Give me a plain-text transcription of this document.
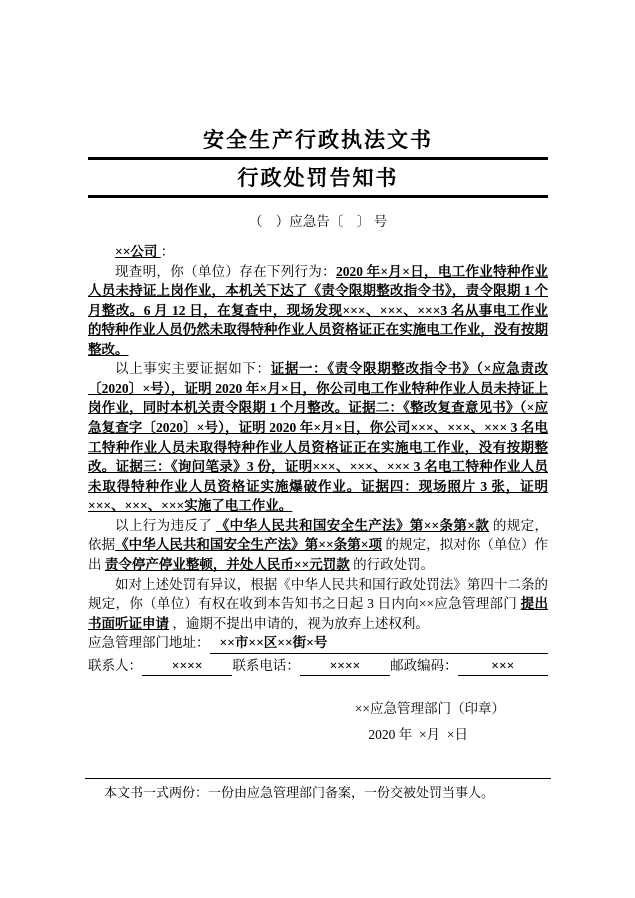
安全生产行政执法文书
行政处罚告知书
（    ）应急告〔    〕 号

××公司 ：

现查明，你（单位）存在下列行为：2020 年×月×日，电工作业特种作业人员未持证上岗作业，本机关下达了《责令限期整改指令书》，责令限期 1 个月整改。6 月 12 日，在复查中，现场发现×××、×××、×××3 名从事电工作业的特种作业人员仍然未取得特种作业人员资格证正在实施电工作业，没有按期整改。

以上事实主要证据如下：证据一：《责令限期整改指令书》（×应急责改〔2020〕×号），证明 2020 年×月×日，你公司电工作业特种作业人员未持证上岗作业，同时本机关责令限期 1 个月整改。证据二：《整改复查意见书》（×应急复查字〔2020〕×号），证明 2020 年×月×日，你公司×××、×××、××× 3 名电工特种作业人员未取得特种作业人员资格证正在实施电工作业，没有按期整改。证据三：《询问笔录》3 份，证明×××、×××、××× 3 名电工特种作业人员未取得特种作业人员资格证实施爆破作业。证据四：现场照片 3 张，证明×××、×××、×××实施了电工作业。

以上行为违反了 《中华人民共和国安全生产法》第××条第×款 的规定，依据《中华人民共和国安全生产法》第××条第×项 的规定，拟对你（单位）作出 责令停产停业整顿，并处人民币××元罚款 的行政处罚。

如对上述处罚有异议，根据《中华人民共和国行政处罚法》第四十二条的规定，你（单位）有权在收到本告知书之日起 3 日内向××应急管理部门 提出书面听证申请 ，逾期不提出申请的，视为放弃上述权利。

应急管理部门地址： ××市××区××街×号
联系人：	××××	联系电话：	××××	邮政编码：	×××
××应急管理部门（印章）
2020 年  ×月  ×日
本文书一式两份：一份由应急管理部门备案，一份交被处罚当事人。
